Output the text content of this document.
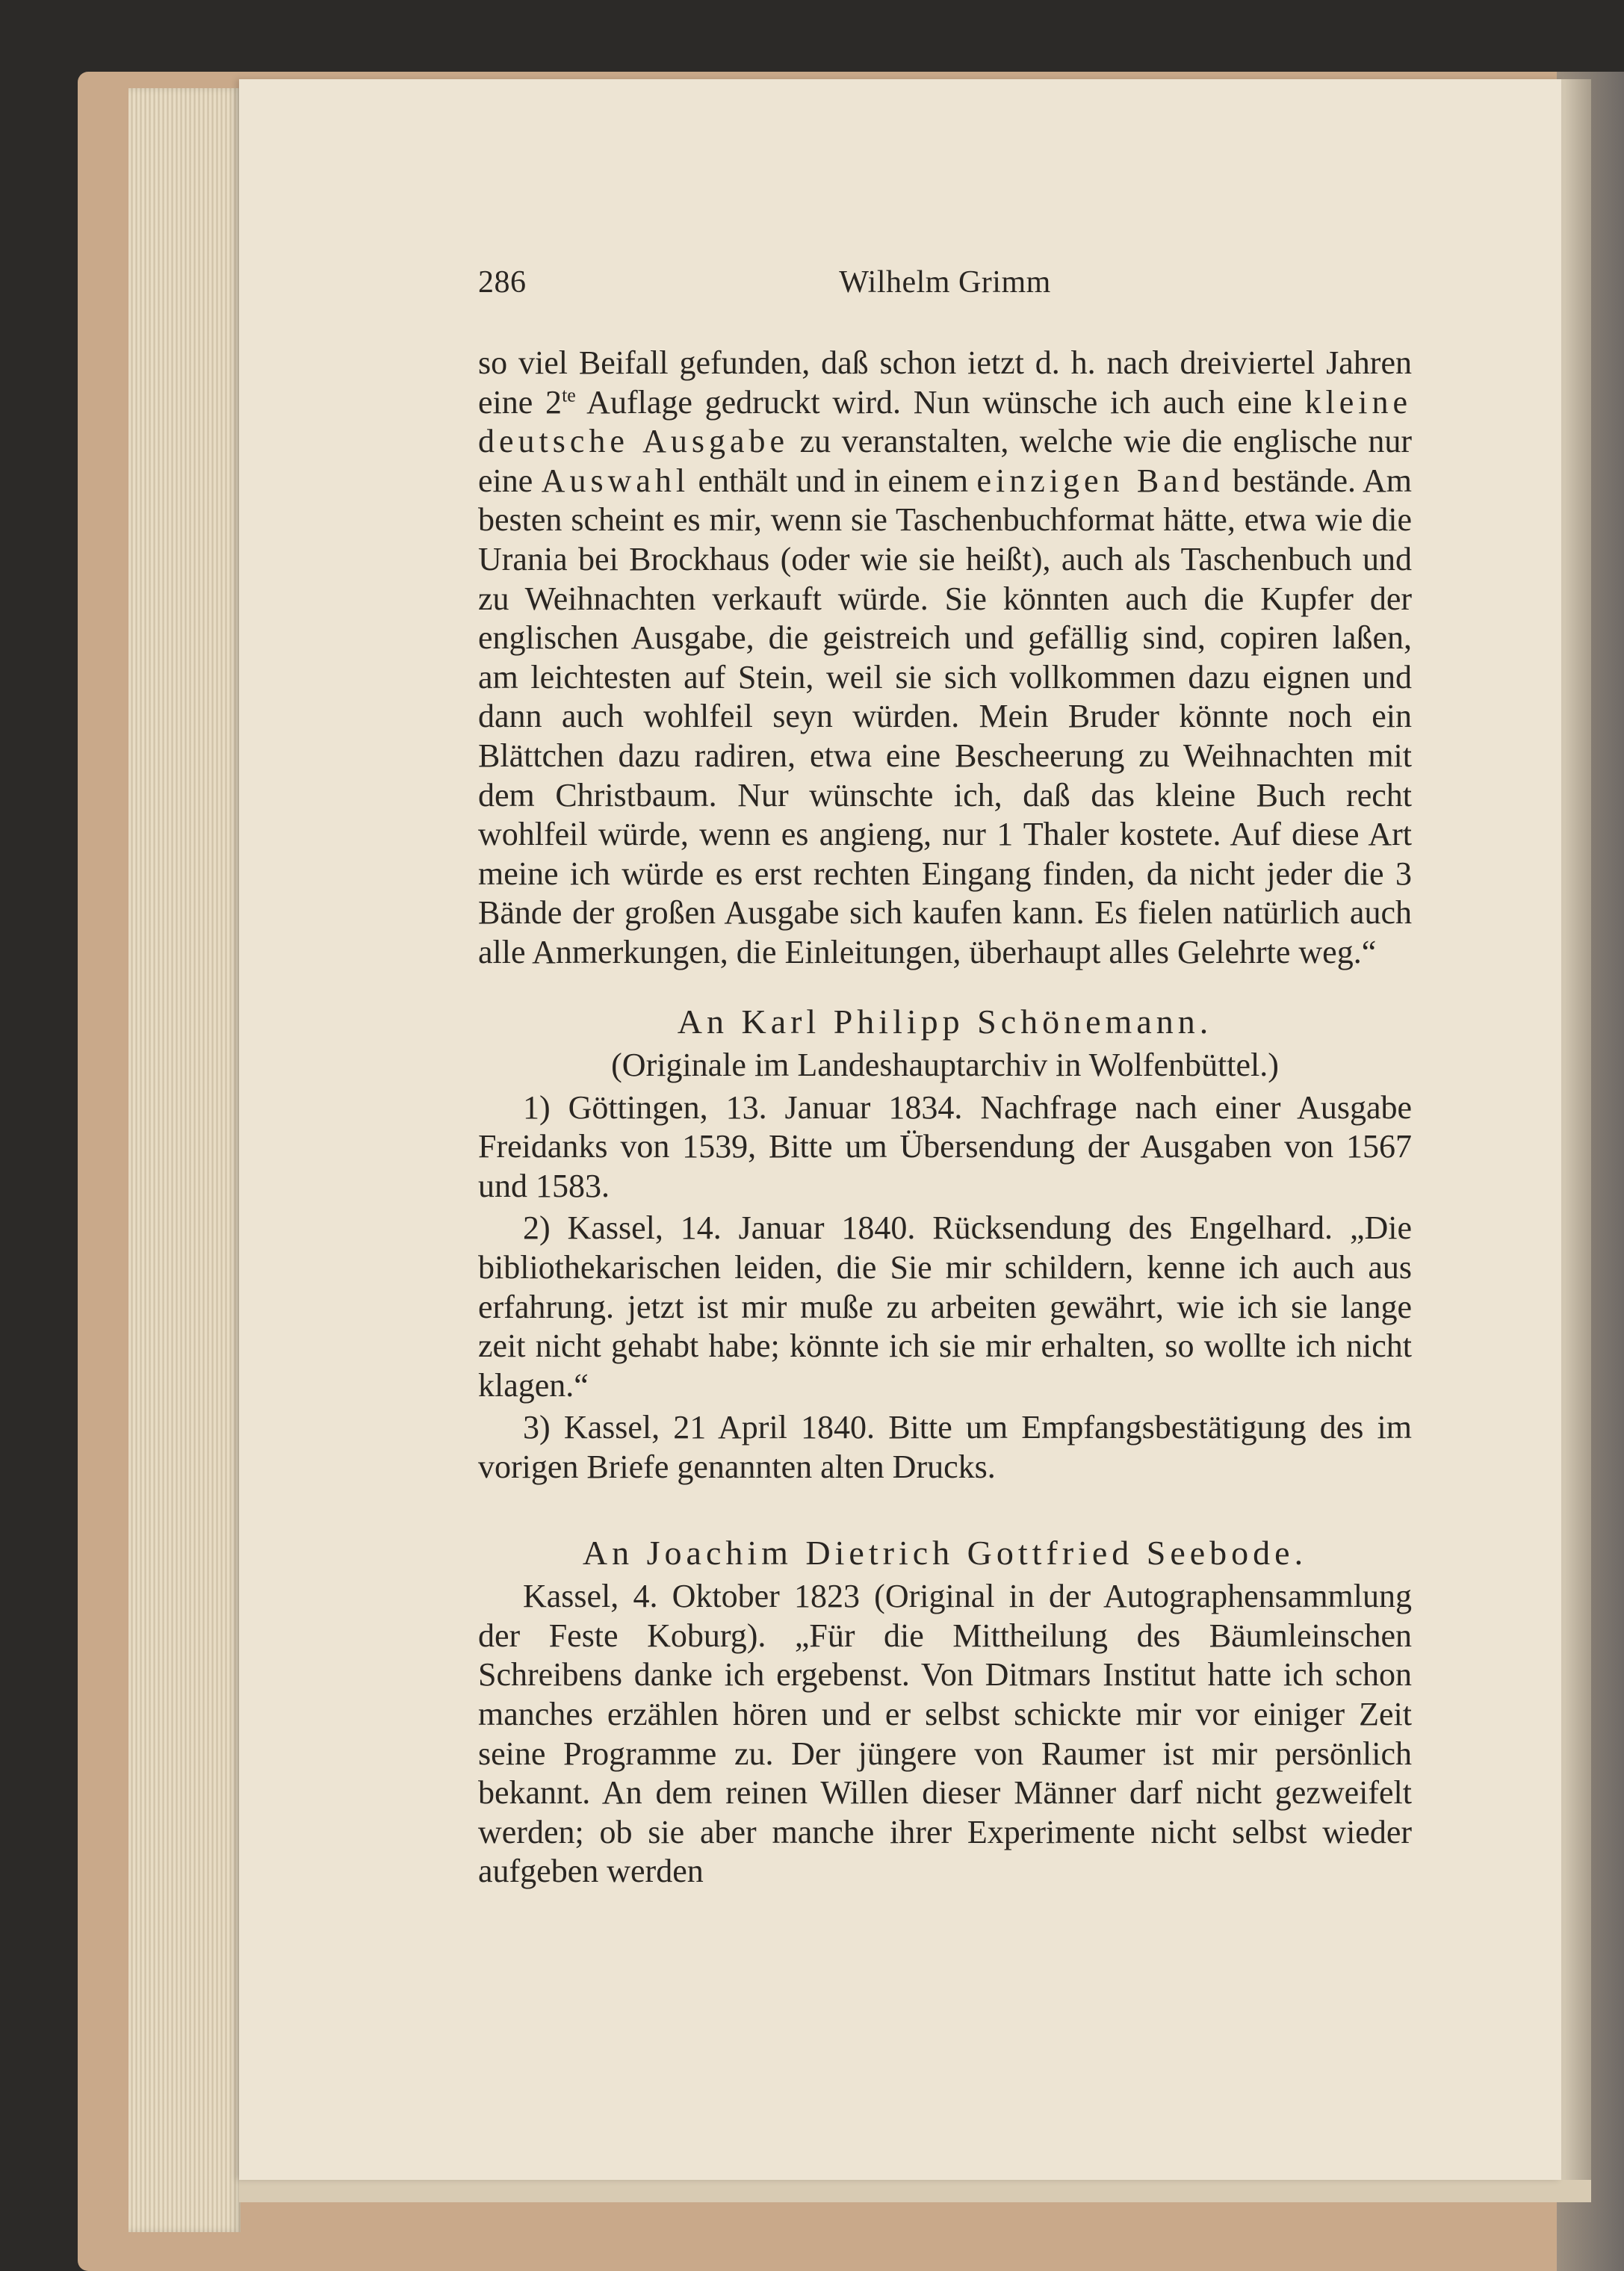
286	Wilhelm Grimm

so viel Beifall gefunden, daß schon ietzt d. h. nach dreiviertel Jahren eine $2^{te}$ Auflage gedruckt wird. Nun wünsche ich auch eine kleine deutsche Ausgabe zu veranstalten, welche wie die englische nur eine Auswahl enthält und in einem einzigen Band bestände. Am besten scheint es mir, wenn sie Taschenbuchformat hätte, etwa wie die Urania bei Brockhaus (oder wie sie heißt), auch als Taschenbuch und zu Weihnachten verkauft würde. Sie könnten auch die Kupfer der englischen Ausgabe, die geistreich und gefällig sind, copiren laßen, am leichtesten auf Stein, weil sie sich vollkommen dazu eignen und dann auch wohlfeil seyn würden. Mein Bruder könnte noch ein Blättchen dazu radiren, etwa eine Bescheerung zu Weihnachten mit dem Christbaum. Nur wünschte ich, daß das kleine Buch recht wohlfeil würde, wenn es angieng, nur 1 Thaler kostete. Auf diese Art meine ich würde es erst rechten Eingang finden, da nicht jeder die 3 Bände der großen Ausgabe sich kaufen kann. Es fielen natürlich auch alle Anmerkungen, die Einleitungen, überhaupt alles Gelehrte weg.“

An Karl Philipp Schönemann.

(Originale im Landeshauptarchiv in Wolfenbüttel.)

1) Göttingen, 13. Januar 1834. Nachfrage nach einer Ausgabe Freidanks von 1539, Bitte um Übersendung der Ausgaben von 1567 und 1583.

2) Kassel, 14. Januar 1840. Rücksendung des Engelhard. „Die bibliothekarischen leiden, die Sie mir schildern, kenne ich auch aus erfahrung. jetzt ist mir muße zu arbeiten gewährt, wie ich sie lange zeit nicht gehabt habe; könnte ich sie mir erhalten, so wollte ich nicht klagen.“

3) Kassel, 21 April 1840. Bitte um Empfangsbestätigung des im vorigen Briefe genannten alten Drucks.

An Joachim Dietrich Gottfried Seebode.

Kassel, 4. Oktober 1823 (Original in der Autographensammlung der Feste Koburg). „Für die Mittheilung des Bäumleinschen Schreibens danke ich ergebenst. Von Ditmars Institut hatte ich schon manches erzählen hören und er selbst schickte mir vor einiger Zeit seine Programme zu. Der jüngere von Raumer ist mir persönlich bekannt. An dem reinen Willen dieser Männer darf nicht gezweifelt werden; ob sie aber manche ihrer Experimente nicht selbst wieder aufgeben werden
